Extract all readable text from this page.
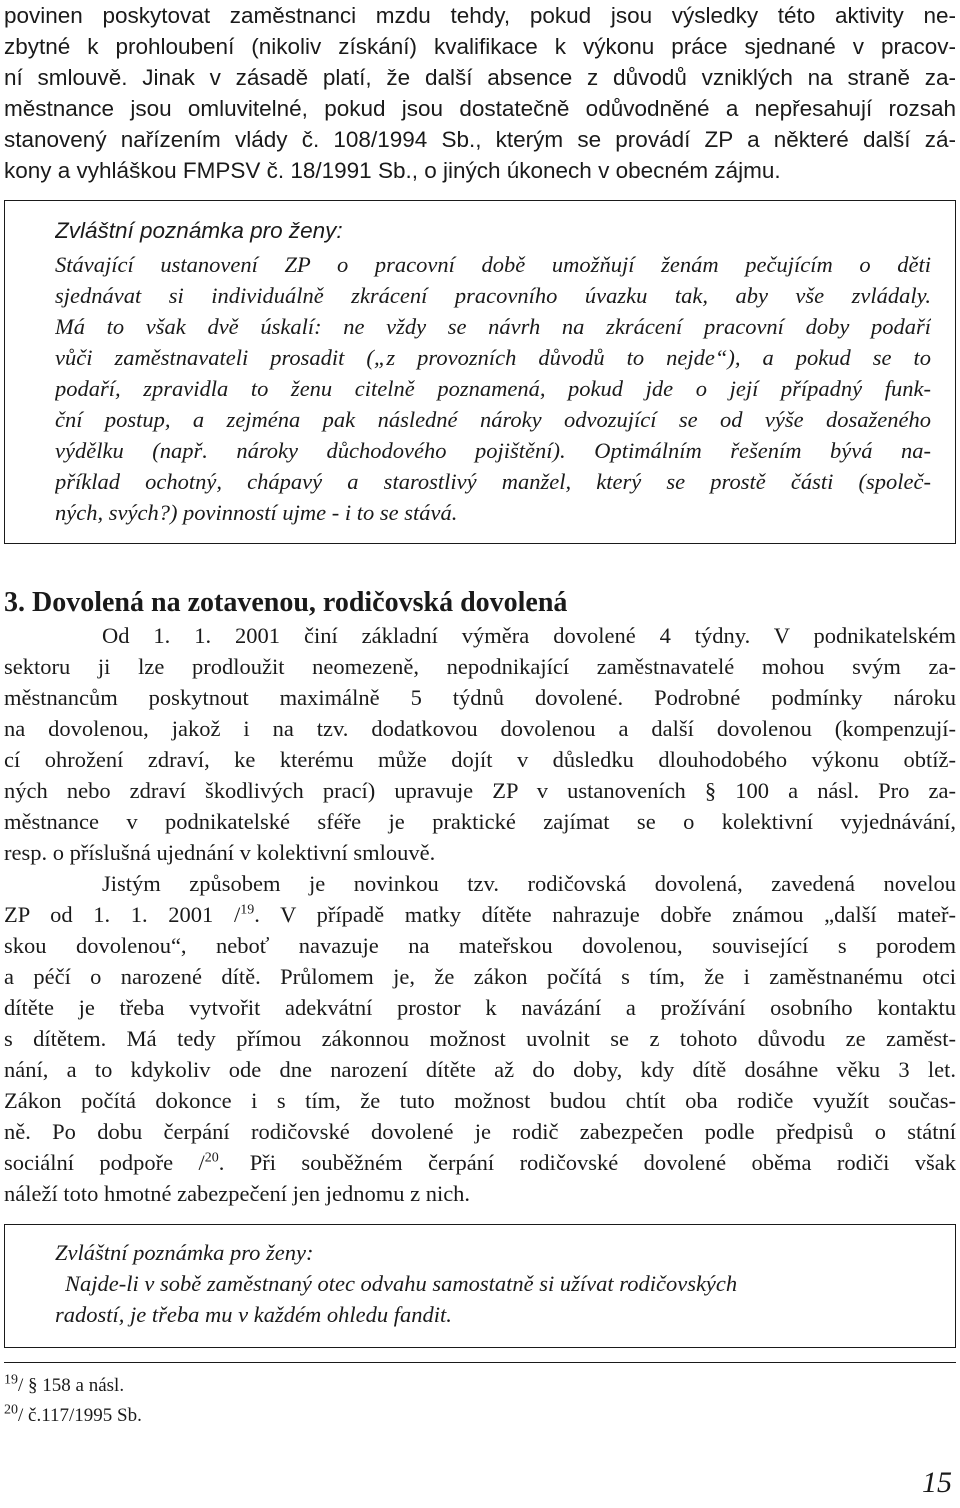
povinen poskytovat zaměstnanci mzdu tehdy, pokud jsou výsledky této aktivity ne-
zbytné k prohloubení (nikoliv získání) kvalifikace k výkonu práce sjednané v pracov-
ní smlouvě. Jinak v zásadě platí, že další absence z důvodů vzniklých na straně za-
městnance jsou omluvitelné, pokud jsou dostatečně odůvodněné a nepřesahují rozsah
stanovený nařízením vlády č. 108/1994 Sb., kterým se provádí ZP a některé další zá-
kony a vyhláškou FMPSV č. 18/1991 Sb., o jiných úkonech v obecném zájmu.
Zvláštní poznámka pro ženy:
Stávající ustanovení ZP o pracovní době umožňují ženám pečujícím o děti
sjednávat si individuálně zkrácení pracovního úvazku tak, aby vše zvládaly.
Má to však dvě úskalí: ne vždy se návrh na zkrácení pracovní doby podaří
vůči zaměstnavateli prosadit („z provozních důvodů to nejde“), a pokud se to
podaří, zpravidla to ženu citelně poznamená, pokud jde o její případný funk-
ční postup, a zejména pak následné nároky odvozující se od výše dosaženého
výdělku (např. nároky důchodového pojištění). Optimálním řešením bývá na-
příklad ochotný, chápavý a starostlivý manžel, který se prostě části (společ-
ných, svých?) povinností ujme - i to se stává.
3. Dovolená na zotavenou, rodičovská dovolená
Od 1. 1. 2001 činí základní výměra dovolené 4 týdny. V podnikatelském
sektoru ji lze prodloužit neomezeně, nepodnikající zaměstnavatelé mohou svým za-
městnancům poskytnout maximálně 5 týdnů dovolené. Podrobné podmínky nároku
na dovolenou, jakož i na tzv. dodatkovou dovolenou a další dovolenou (kompenzují-
cí ohrožení zdraví, ke kterému může dojít v důsledku dlouhodobého výkonu obtíž-
ných nebo zdraví škodlivých prací) upravuje ZP v ustanoveních § 100 a násl. Pro za-
městnance v podnikatelské sféře je praktické zajímat se o kolektivní vyjednávání,
resp. o příslušná ujednání v kolektivní smlouvě.
Jistým způsobem je novinkou tzv. rodičovská dovolená, zavedená novelou
ZP od 1. 1. 2001 /$^{19}$. V případě matky dítěte nahrazuje dobře známou „další mateř-
skou dovolenou“, neboť navazuje na mateřskou dovolenou, související s porodem
a péčí o narozené dítě. Průlomem je, že zákon počítá s tím, že i zaměstnanému otci
dítěte je třeba vytvořit adekvátní prostor k navázání a prožívání osobního kontaktu
s dítětem. Má tedy přímou zákonnou možnost uvolnit se z tohoto důvodu ze zaměst-
nání, a to kdykoliv ode dne narození dítěte až do doby, kdy dítě dosáhne věku 3 let.
Zákon počítá dokonce i s tím, že tuto možnost budou chtít oba rodiče využít součas-
ně. Po dobu čerpání rodičovské dovolené je rodič zabezpečen podle předpisů o státní
sociální podpoře /$^{20}$. Při souběžném čerpání rodičovské dovolené oběma rodiči však
náleží toto hmotné zabezpečení jen jednomu z nich.
Zvláštní poznámka pro ženy:
Najde-li v sobě zaměstnaný otec odvahu samostatně si užívat rodičovských
radostí, je třeba mu v každém ohledu fandit.
$^{19}$/ § 158 a násl.
$^{20}$/ č.117/1995 Sb.
15
